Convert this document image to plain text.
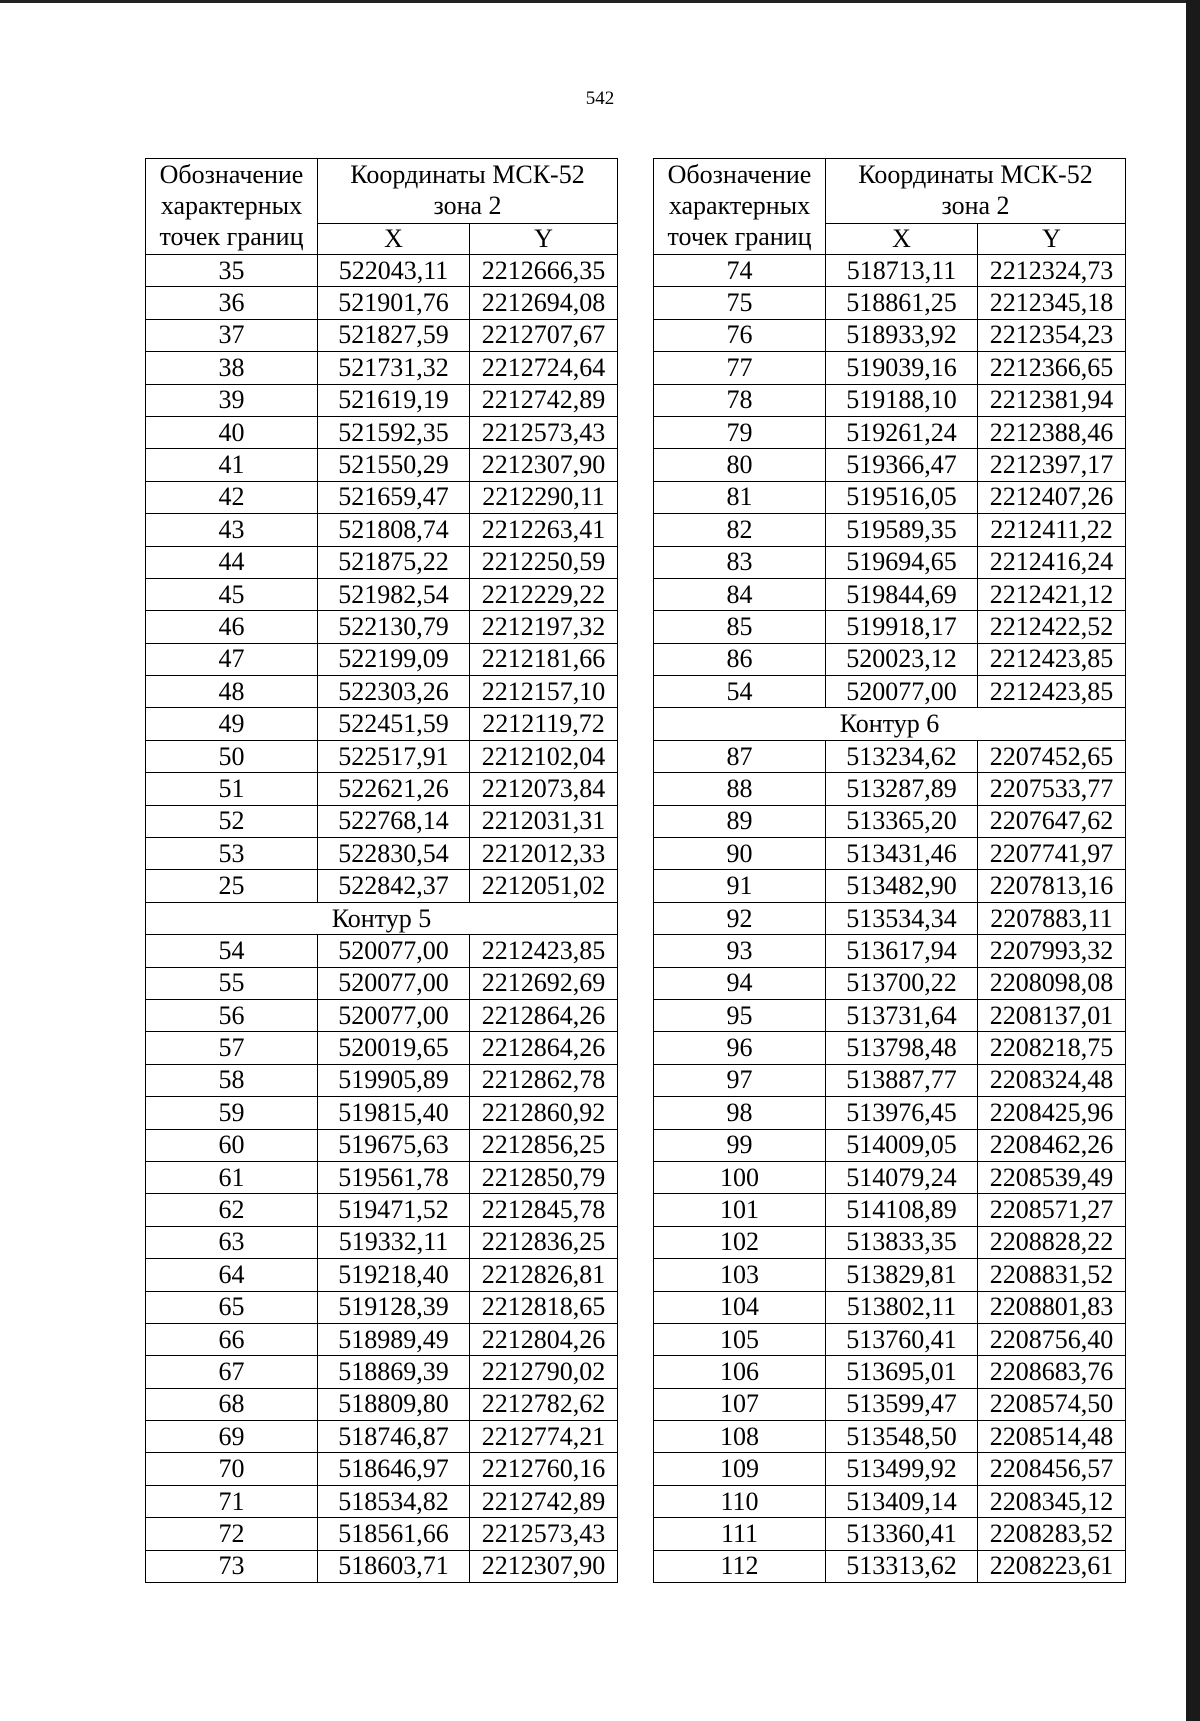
542
Обозначение
характерных
точек границ	Координаты МСК-52
зона 2	
	X	Y
35	522043,11	2212666,35
36	521901,76	2212694,08
37	521827,59	2212707,67
38	521731,32	2212724,64
39	521619,19	2212742,89
40	521592,35	2212573,43
41	521550,29	2212307,90
42	521659,47	2212290,11
43	521808,74	2212263,41
44	521875,22	2212250,59
45	521982,54	2212229,22
46	522130,79	2212197,32
47	522199,09	2212181,66
48	522303,26	2212157,10
49	522451,59	2212119,72
50	522517,91	2212102,04
51	522621,26	2212073,84
52	522768,14	2212031,31
53	522830,54	2212012,33
25	522842,37	2212051,02
Контур 5		
54	520077,00	2212423,85
55	520077,00	2212692,69
56	520077,00	2212864,26
57	520019,65	2212864,26
58	519905,89	2212862,78
59	519815,40	2212860,92
60	519675,63	2212856,25
61	519561,78	2212850,79
62	519471,52	2212845,78
63	519332,11	2212836,25
64	519218,40	2212826,81
65	519128,39	2212818,65
66	518989,49	2212804,26
67	518869,39	2212790,02
68	518809,80	2212782,62
69	518746,87	2212774,21
70	518646,97	2212760,16
71	518534,82	2212742,89
72	518561,66	2212573,43
73	518603,71	2212307,90
Обозначение
характерных
точек границ	Координаты МСК-52
зона 2	
	X	Y
74	518713,11	2212324,73
75	518861,25	2212345,18
76	518933,92	2212354,23
77	519039,16	2212366,65
78	519188,10	2212381,94
79	519261,24	2212388,46
80	519366,47	2212397,17
81	519516,05	2212407,26
82	519589,35	2212411,22
83	519694,65	2212416,24
84	519844,69	2212421,12
85	519918,17	2212422,52
86	520023,12	2212423,85
54	520077,00	2212423,85
Контур 6		
87	513234,62	2207452,65
88	513287,89	2207533,77
89	513365,20	2207647,62
90	513431,46	2207741,97
91	513482,90	2207813,16
92	513534,34	2207883,11
93	513617,94	2207993,32
94	513700,22	2208098,08
95	513731,64	2208137,01
96	513798,48	2208218,75
97	513887,77	2208324,48
98	513976,45	2208425,96
99	514009,05	2208462,26
100	514079,24	2208539,49
101	514108,89	2208571,27
102	513833,35	2208828,22
103	513829,81	2208831,52
104	513802,11	2208801,83
105	513760,41	2208756,40
106	513695,01	2208683,76
107	513599,47	2208574,50
108	513548,50	2208514,48
109	513499,92	2208456,57
110	513409,14	2208345,12
111	513360,41	2208283,52
112	513313,62	2208223,61
